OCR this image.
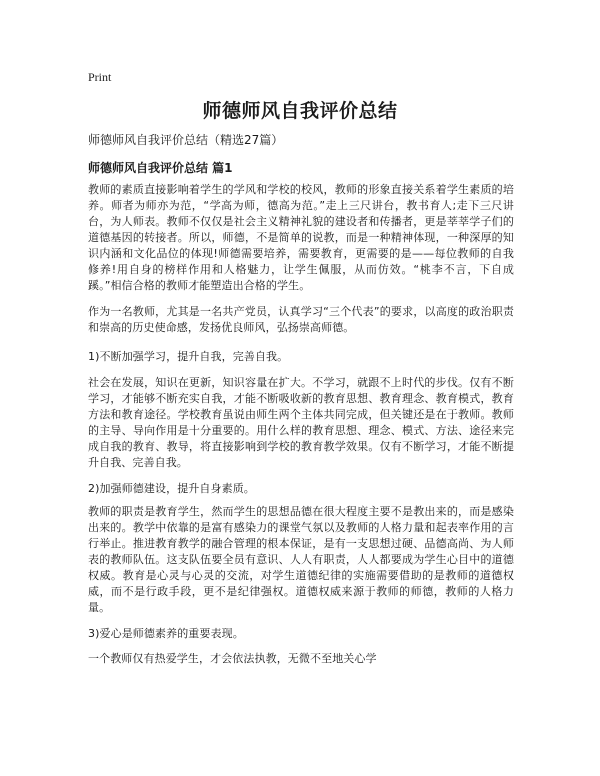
Print
师德师风自我评价总结

师德师风自我评价总结（精选27篇）

师德师风自我评价总结 篇1

教师的素质直接影响着学生的学风和学校的校风，教师的形象直接关系着学生素质的培养。师者为师亦为范，“学高为师，德高为范。”走上三尺讲台，教书育人;走下三尺讲台，为人师表。教师不仅仅是社会主义精神礼貌的建设者和传播者，更是莘莘学子们的道德基因的转接者。所以，师德，不是简单的说教，而是一种精神体现，一种深厚的知识内涵和文化品位的体现!师德需要培养，需要教育，更需要的是——每位教师的自我修养!用自身的榜样作用和人格魅力，让学生佩服，从而仿效。“桃李不言，下自成蹊。”相信合格的教师才能塑造出合格的学生。

作为一名教师，尤其是一名共产党员，认真学习“三个代表”的要求，以高度的政治职责和崇高的历史使命感，发扬优良师风，弘扬崇高师德。

1)不断加强学习，提升自我，完善自我。

社会在发展，知识在更新，知识容量在扩大。不学习，就跟不上时代的步伐。仅有不断学习，才能够不断充实自我，才能不断吸收新的教育思想、教育理念、教育模式，教育方法和教育途径。学校教育虽说由师生两个主体共同完成，但关键还是在于教师。教师的主导、导向作用是十分重要的。用什么样的教育思想、理念、模式、方法、途径来完成自我的教育、教导，将直接影响到学校的教育教学效果。仅有不断学习，才能不断提升自我、完善自我。

2)加强师德建设，提升自身素质。

教师的职责是教育学生，然而学生的思想品德在很大程度主要不是教出来的，而是感染出来的。教学中依靠的是富有感染力的课堂气氛以及教师的人格力量和起表率作用的言行举止。推进教育教学的融合管理的根本保证，是有一支思想过硬、品德高尚、为人师表的教师队伍。这支队伍要全员有意识、人人有职责，人人都要成为学生心目中的道德权威。教育是心灵与心灵的交流，对学生道德纪律的实施需要借助的是教师的道德权威，而不是行政手段，更不是纪律强权。道德权威来源于教师的师德，教师的人格力量。

3)爱心是师德素养的重要表现。

一个教师仅有热爱学生，才会依法执教，无微不至地关心学
